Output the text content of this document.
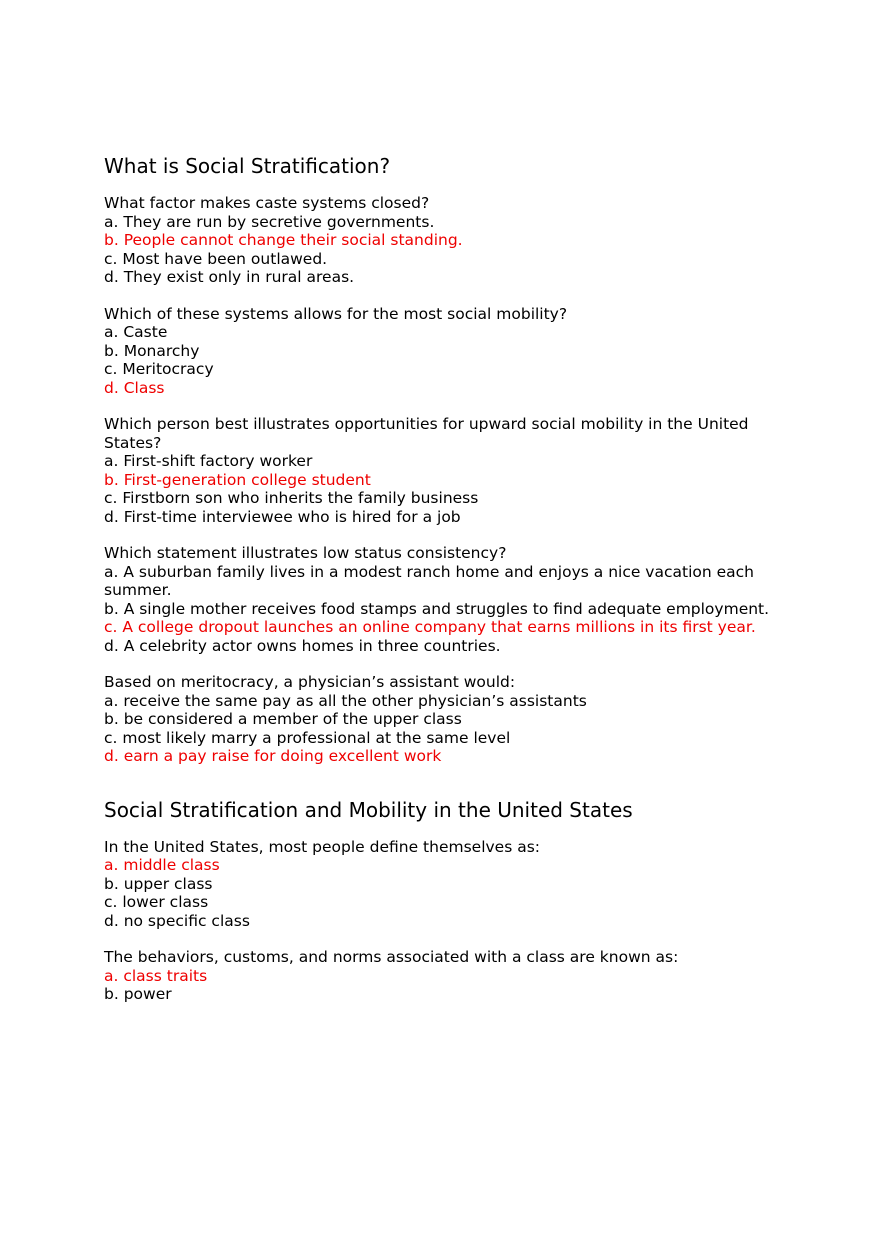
What is Social Stratification?

What factor makes caste systems closed?

a. They are run by secretive governments.

b. People cannot change their social standing.

c. Most have been outlawed.

d. They exist only in rural areas.

Which of these systems allows for the most social mobility?

a. Caste

b. Monarchy

c. Meritocracy

d. Class

Which person best illustrates opportunities for upward social mobility in the United States?

a. First-shift factory worker

b. First-generation college student

c. Firstborn son who inherits the family business

d. First-time interviewee who is hired for a job

Which statement illustrates low status consistency?

a. A suburban family lives in a modest ranch home and enjoys a nice vacation each summer.

b. A single mother receives food stamps and struggles to find adequate employment.

c. A college dropout launches an online company that earns millions in its first year.

d. A celebrity actor owns homes in three countries.

Based on meritocracy, a physician’s assistant would:

a. receive the same pay as all the other physician’s assistants

b. be considered a member of the upper class

c. most likely marry a professional at the same level

d. earn a pay raise for doing excellent work

Social Stratification and Mobility in the United States

In the United States, most people define themselves as:

a. middle class

b. upper class

c. lower class

d. no specific class

The behaviors, customs, and norms associated with a class are known as:

a. class traits

b. power
